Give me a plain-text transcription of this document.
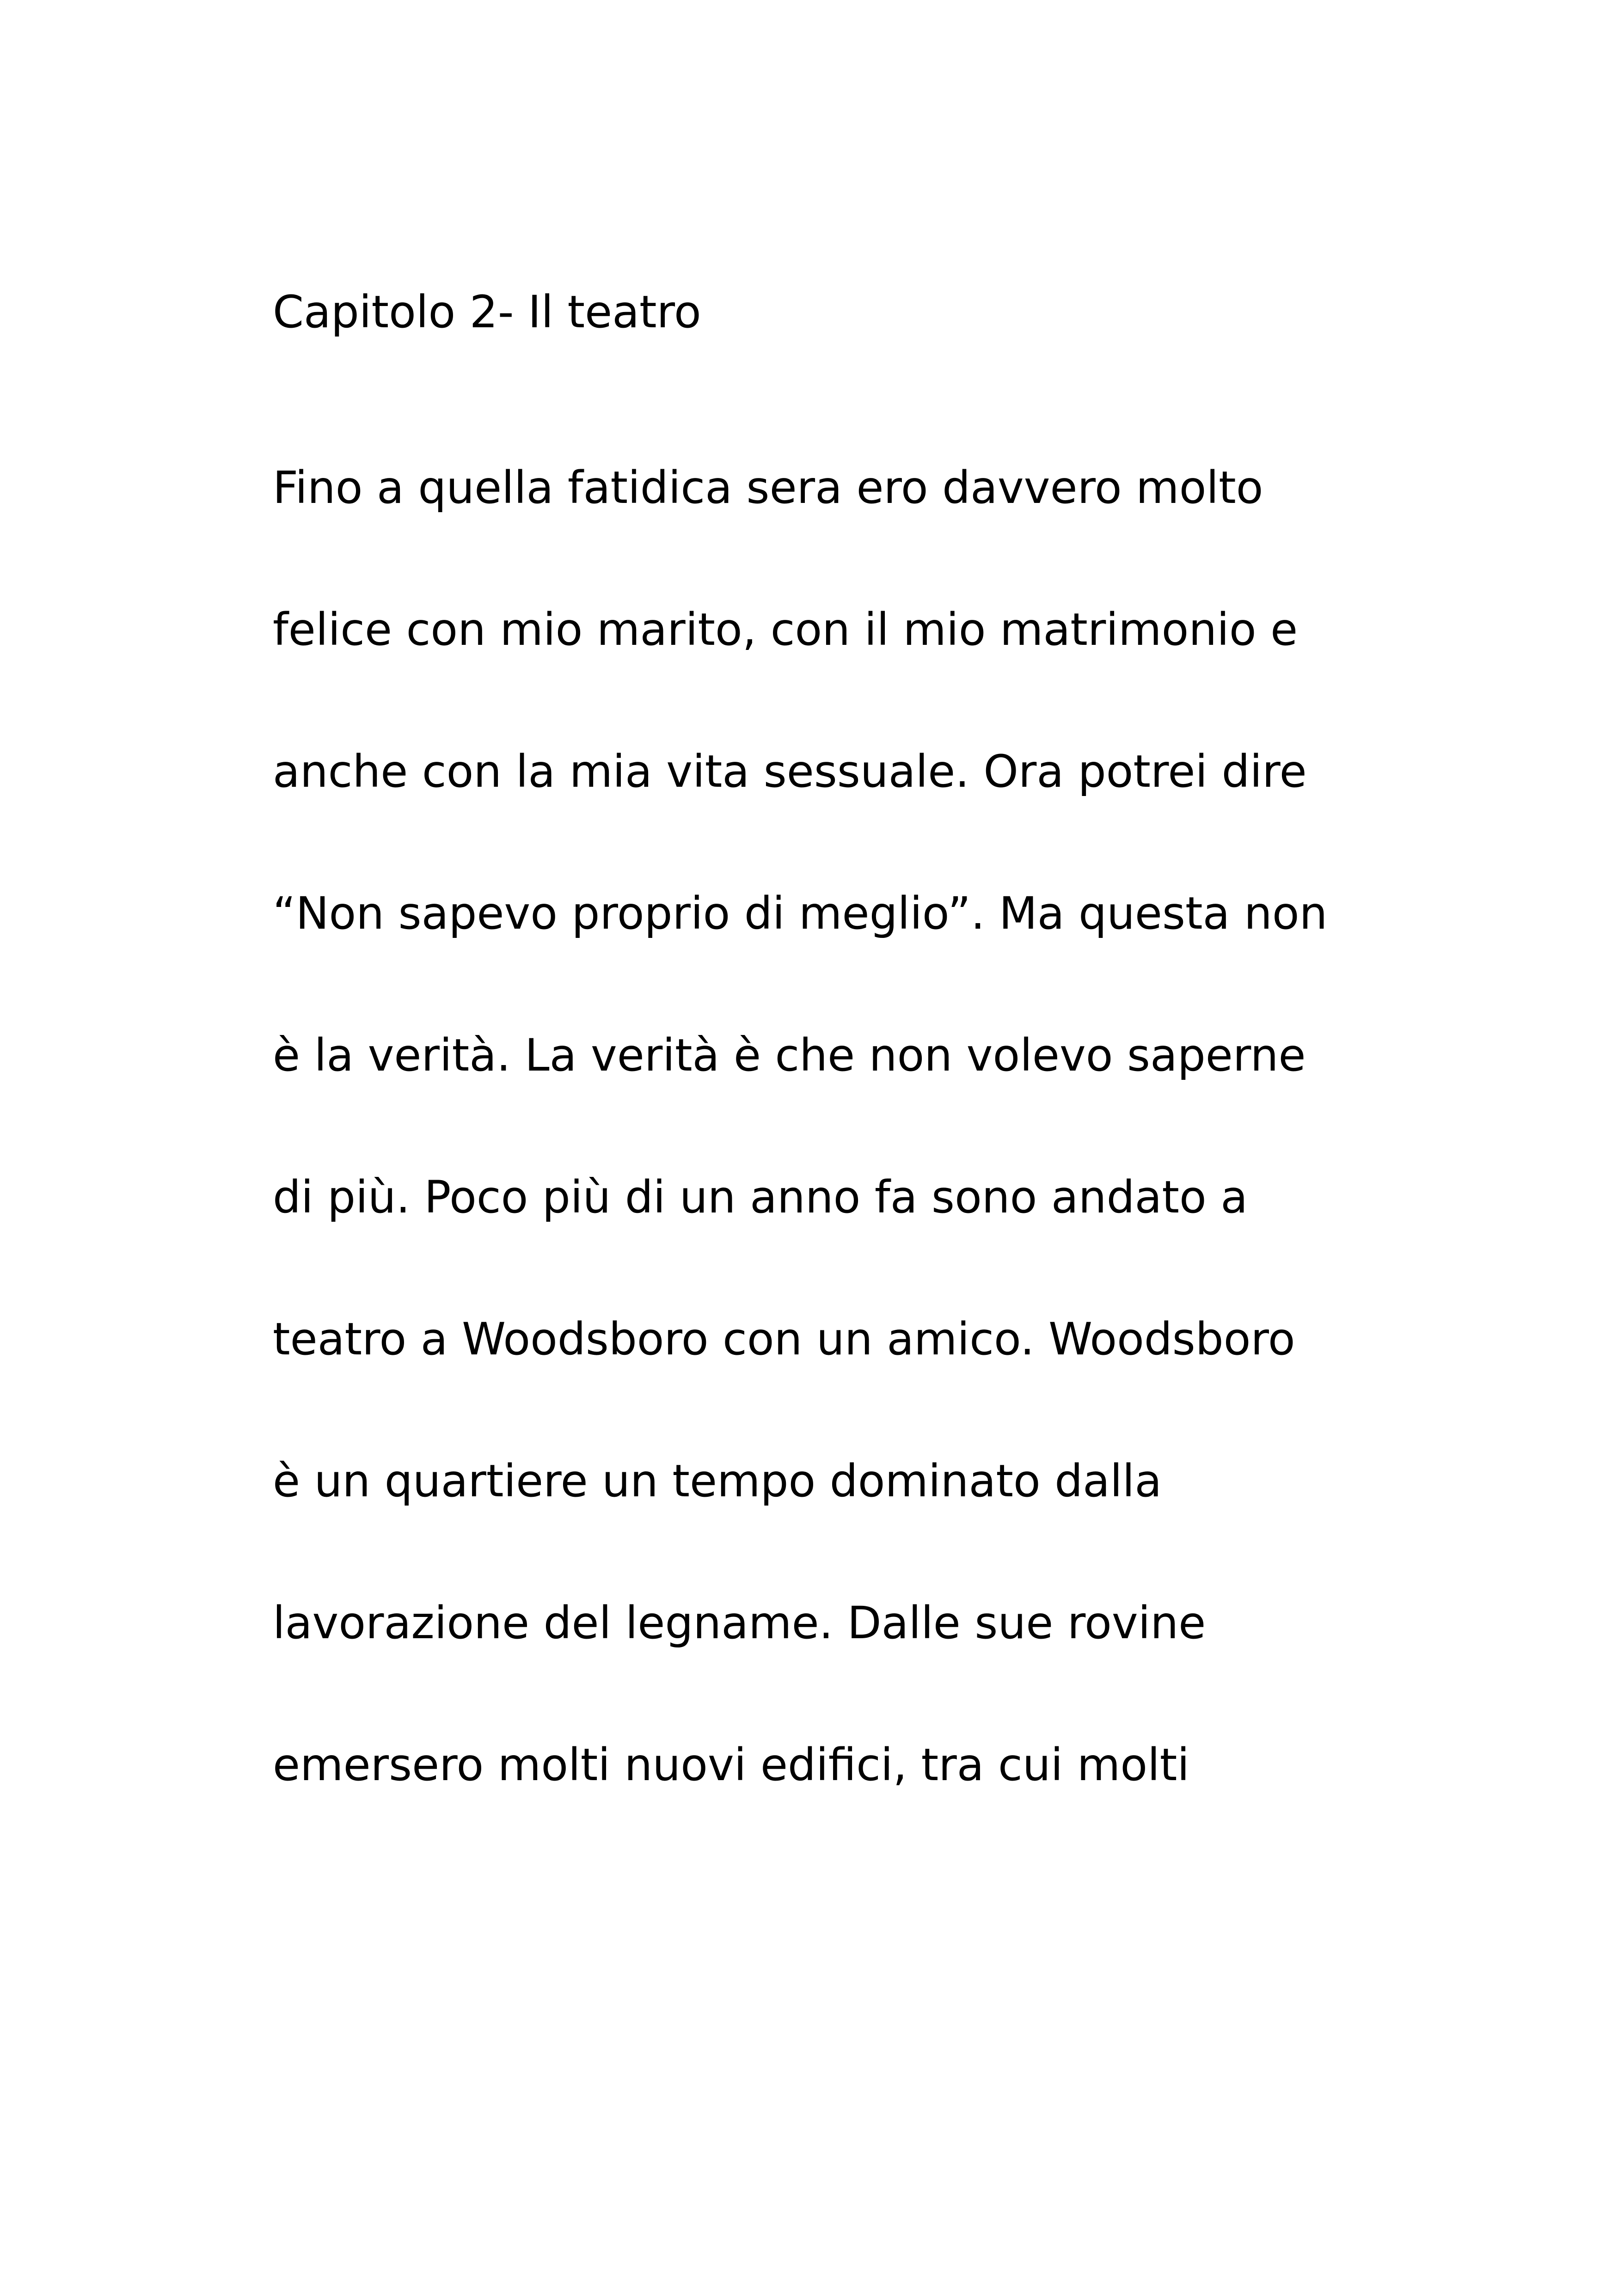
Capitolo 2- Il teatro
Fino a quella fatidica sera ero davvero molto
felice con mio marito, con il mio matrimonio e
anche con la mia vita sessuale. Ora potrei dire
“Non sapevo proprio di meglio”. Ma questa non
è la verità. La verità è che non volevo saperne
di più. Poco più di un anno fa sono andato a
teatro a Woodsboro con un amico. Woodsboro
è un quartiere un tempo dominato dalla
lavorazione del legname. Dalle sue rovine
emersero molti nuovi edifici, tra cui molti
